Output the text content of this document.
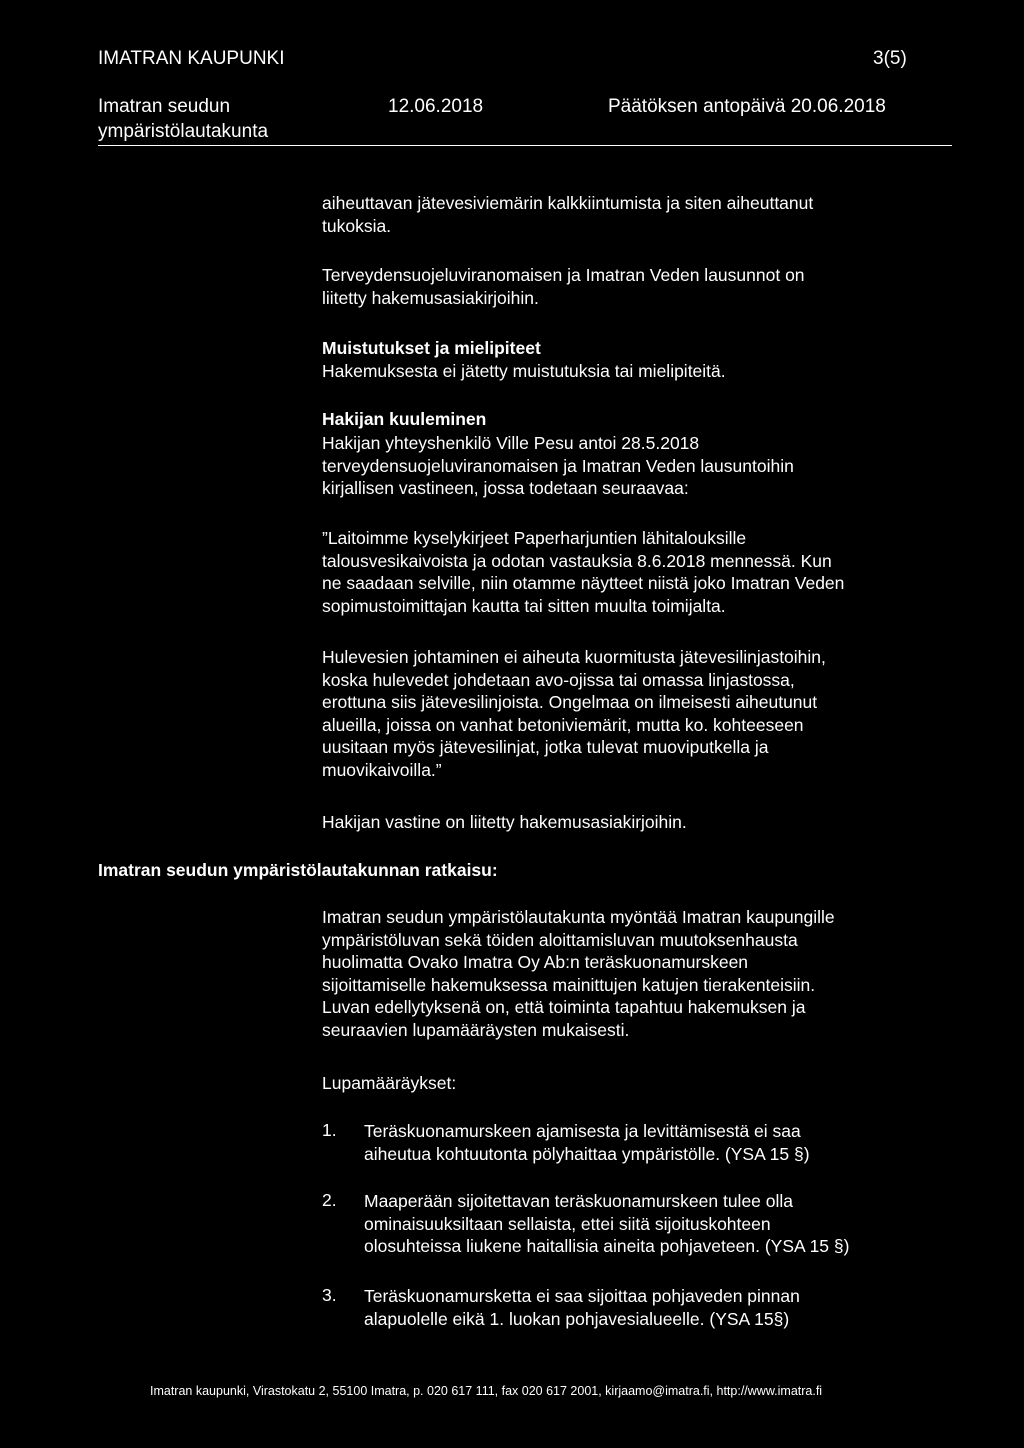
IMATRAN KAUPUNKI	3(5)
Imatran seudun
ympäristölautakunta
12.06.2018	Päätöksen antopäivä 20.06.2018
aiheuttavan jätevesiviemärin kalkkiintumista ja siten aiheuttanut
tukoksia.
Terveydensuojeluviranomaisen ja Imatran Veden lausunnot on
liitetty hakemusasiakirjoihin.
Muistutukset ja mielipiteet
Hakemuksesta ei jätetty muistutuksia tai mielipiteitä.
Hakijan kuuleminen
Hakijan yhteyshenkilö Ville Pesu antoi 28.5.2018
terveydensuojeluviranomaisen ja Imatran Veden lausuntoihin
kirjallisen vastineen, jossa todetaan seuraavaa:
”Laitoimme kyselykirjeet Paperharjuntien lähitalouksille
talousvesikaivoista ja odotan vastauksia 8.6.2018 mennessä. Kun
ne saadaan selville, niin otamme näytteet niistä joko Imatran Veden
sopimustoimittajan kautta tai sitten muulta toimijalta.
Hulevesien johtaminen ei aiheuta kuormitusta jätevesilinjastoihin,
koska hulevedet johdetaan avo-ojissa tai omassa linjastossa,
erottuna siis jätevesilinjoista. Ongelmaa on ilmeisesti aiheutunut
alueilla, joissa on vanhat betoniviemärit, mutta ko. kohteeseen
uusitaan myös jätevesilinjat, jotka tulevat muoviputkella ja
muovikaivoilla.”
Hakijan vastine on liitetty hakemusasiakirjoihin.
Imatran seudun ympäristölautakunnan ratkaisu:
Imatran seudun ympäristölautakunta myöntää Imatran kaupungille
ympäristöluvan sekä töiden aloittamisluvan muutoksenhausta
huolimatta Ovako Imatra Oy Ab:n teräskuonamurskeen
sijoittamiselle hakemuksessa mainittujen katujen tierakenteisiin.
Luvan edellytyksenä on, että toiminta tapahtuu hakemuksen ja
seuraavien lupamääräysten mukaisesti.
Lupamääräykset:
1. Teräskuonamurskeen ajamisesta ja levittämisestä ei saa
aiheutua kohtuutonta pölyhaittaa ympäristölle. (YSA 15 §)
2. Maaperään sijoitettavan teräskuonamurskeen tulee olla
ominaisuuksiltaan sellaista, ettei siitä sijoituskohteen
olosuhteissa liukene haitallisia aineita pohjaveteen. (YSA 15 §)
3. Teräskuonamursketta ei saa sijoittaa pohjaveden pinnan
alapuolelle eikä 1. luokan pohjavesialueelle. (YSA 15§)
Imatran kaupunki, Virastokatu 2, 55100 Imatra, p. 020 617 111, fax 020 617 2001, kirjaamo@imatra.fi, http://www.imatra.fi
